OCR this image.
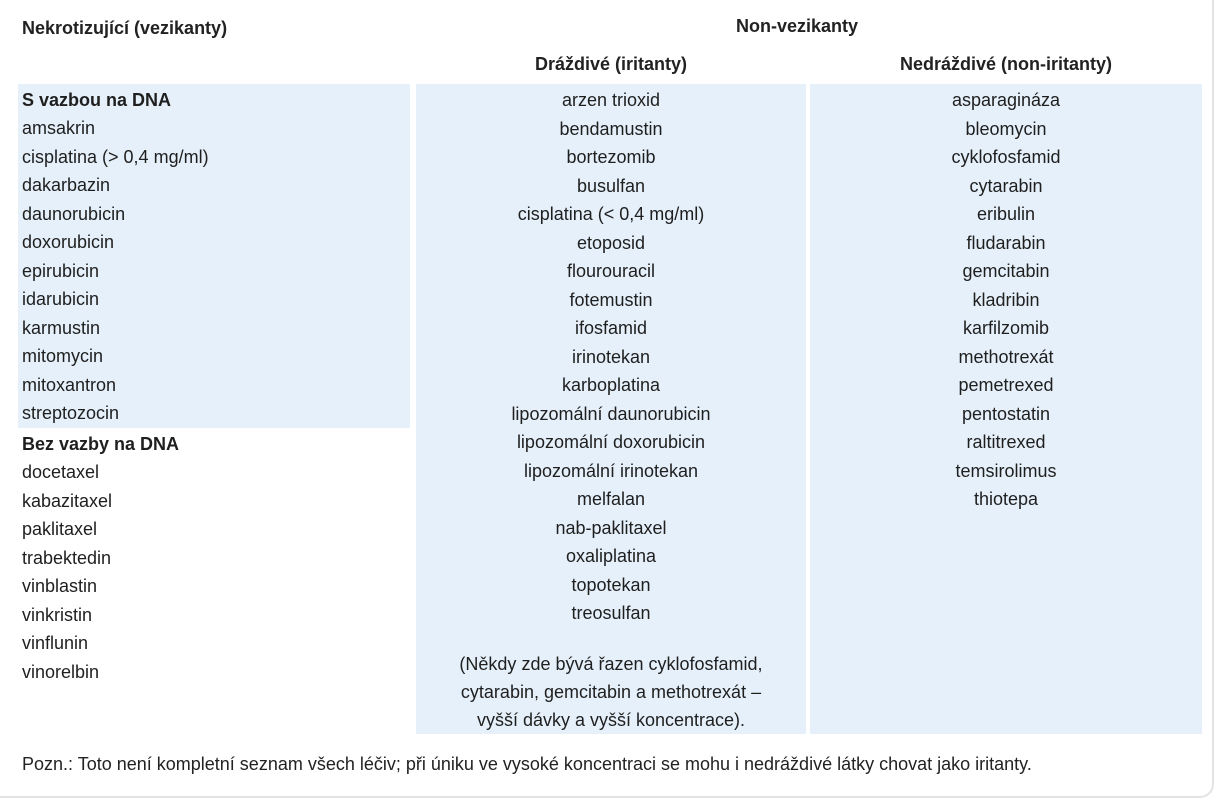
Nekrotizující (vezikanty)	Non-vezikanty
Dráždivé (iritanty)	Nedráždivé (non-iritanty)
S vazbou na DNA
amsakrin
cisplatina (> 0,4 mg/ml)
dakarbazin
daunorubicin
doxorubicin
epirubicin
idarubicin
karmustin
mitomycin
mitoxantron
streptozocin
Bez vazby na DNA
docetaxel
kabazitaxel
paklitaxel
trabektedin
vinblastin
vinkristin
vinflunin
vinorelbin
arzen trioxid
bendamustin
bortezomib
busulfan
cisplatina (< 0,4 mg/ml)
etoposid
flourouracil
fotemustin
ifosfamid
irinotekan
karboplatina
lipozomální daunorubicin
lipozomální doxorubicin
lipozomální irinotekan
melfalan
nab-paklitaxel
oxaliplatina
topotekan
treosulfan
(Někdy zde bývá řazen cyklofosfamid,
cytarabin, gemcitabin a methotrexát –
vyšší dávky a vyšší koncentrace).
asparagináza
bleomycin
cyklofosfamid
cytarabin
eribulin
fludarabin
gemcitabin
kladribin
karfilzomib
methotrexát
pemetrexed
pentostatin
raltitrexed
temsirolimus
thiotepa
Pozn.: Toto není kompletní seznam všech léčiv; při úniku ve vysoké koncentraci se mohu i nedráždivé látky chovat jako iritanty.
